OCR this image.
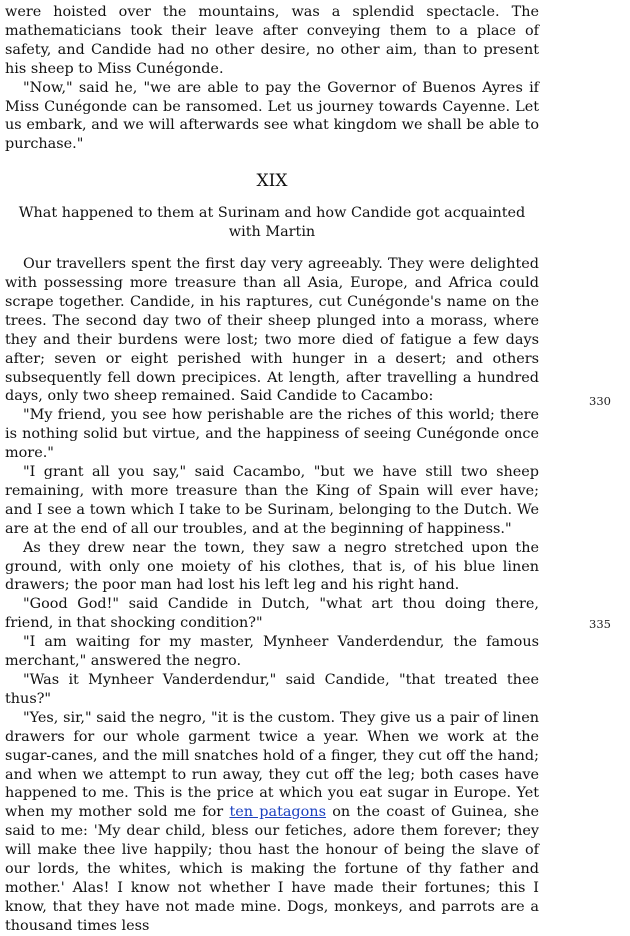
were hoisted over the mountains, was a splendid spectacle. The mathematicians took their leave after conveying them to a place of safety, and Candide had no other desire, no other aim, than to present his sheep to Miss Cunégonde.

"Now," said he, "we are able to pay the Governor of Buenos Ayres if Miss Cunégonde can be ransomed. Let us journey towards Cayenne. Let us embark, and we will afterwards see what kingdom we shall be able to purchase."

XIX
What happened to them at Surinam and how Candide got acquainted
with Martin

Our travellers spent the first day very agreeably. They were delighted with possessing more treasure than all Asia, Europe, and Africa could scrape together. Candide, in his raptures, cut Cunégonde's name on the trees. The second day two of their sheep plunged into a morass, where they and their burdens were lost; two more died of fatigue a few days after; seven or eight perished with hunger in a desert; and others subsequently fell down precipices. At length, after travelling a hundred days, only two sheep remained. Said Candide to Cacambo:

"My friend, you see how perishable are the riches of this world; there is nothing solid but virtue, and the happiness of seeing Cunégonde once more."

"I grant all you say," said Cacambo, "but we have still two sheep remaining, with more treasure than the King of Spain will ever have; and I see a town which I take to be Surinam, belonging to the Dutch. We are at the end of all our troubles, and at the beginning of happiness."

As they drew near the town, they saw a negro stretched upon the ground, with only one moiety of his clothes, that is, of his blue linen drawers; the poor man had lost his left leg and his right hand.

"Good God!" said Candide in Dutch, "what art thou doing there, friend, in that shocking condition?"

"I am waiting for my master, Mynheer Vanderdendur, the famous merchant," answered the negro.

"Was it Mynheer Vanderdendur," said Candide, "that treated thee thus?"

"Yes, sir," said the negro, "it is the custom. They give us a pair of linen drawers for our whole garment twice a year. When we work at the sugar-canes, and the mill snatches hold of a finger, they cut off the hand; and when we attempt to run away, they cut off the leg; both cases have happened to me. This is the price at which you eat sugar in Europe. Yet when my mother sold me for ten patagons on the coast of Guinea, she said to me: 'My dear child, bless our fetiches, adore them forever; they will make thee live happily; thou hast the honour of being the slave of our lords, the whites, which is making the fortune of thy father and mother.' Alas! I know not whether I have made their fortunes; this I know, that they have not made mine. Dogs, monkeys, and parrots are a thousand times less

330
335
